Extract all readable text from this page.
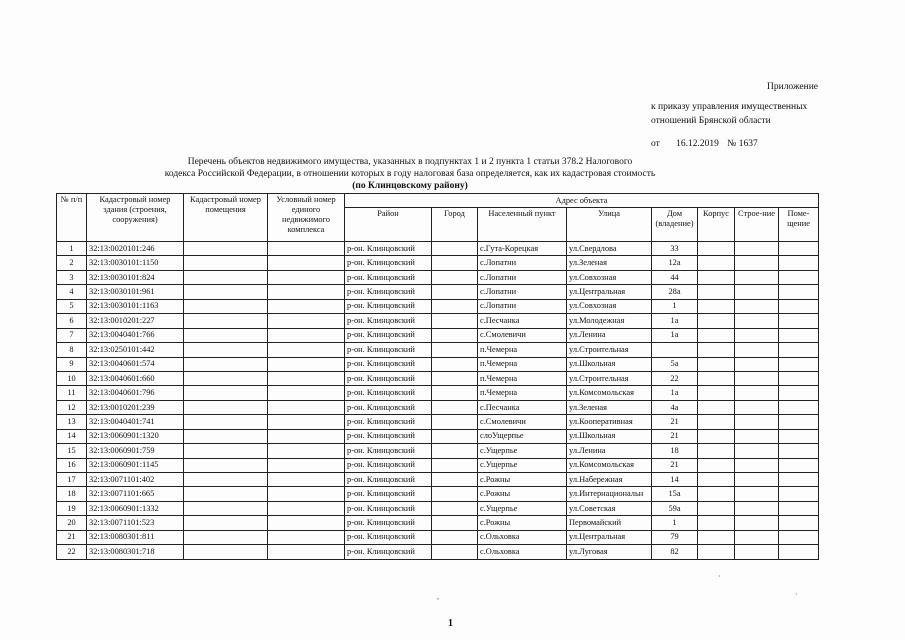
Приложение
к приказу управления имущественных
отношений Брянской области
от 16.12.2019 № 1637
Перечень объектов недвижимого имущества, указанных в подпунктах 1 и 2 пункта 1 статьи 378.2 Налогового
кодекса Российской Федерации, в отношении которых в году налоговая база определяется, как их кадастровая стоимость
(по Клинцовскому району)
№ п/п	Кадастровый номер здания (строения, сооружения)	Кадастровый номер помещения	Условный номер единого недвижимого комплекса	Адрес объекта							
				Район	Город	Населенный пункт	Улица	Дом (владение)	Корпус	Строе-ние	Поме-щение
1	32:13:0020101:246			р-он. Клинцовский		с.Гута-Корецкая	ул.Свердлова	33			
2	32:13:0030101:1150			р-он. Клинцовский		с.Лопатни	ул.Зеленая	12а			
3	32:13:0030101:824			р-он. Клинцовский		с.Лопатни	ул.Совхозная	44			
4	32:13:0030101:961			р-он. Клинцовский		с.Лопатни	ул.Центральная	28а			
5	32:13:0030101:1163			р-он. Клинцовский		с.Лопатни	ул.Совхозная	1			
6	32:13:0010201:227			р-он. Клинцовский		с.Песчанка	ул.Молодежная	1а			
7	32:13:0040401:766			р-он. Клинцовский		с.Смолевичи	ул.Ленина	1а			
8	32:13:0250101:442			р-он. Клинцовский		п.Чемерна	ул.Строительная				
9	32:13:0040601:574			р-он. Клинцовский		п.Чемерна	ул.Школьная	5а			
10	32:13:0040601:660			р-он. Клинцовский		п.Чемерна	ул.Строительная	22			
11	32:13:0040601:796			р-он. Клинцовский		п.Чемерна	ул.Комсомольская	1а			
12	32:13:0010201:239			р-он. Клинцовский		с.Песчанка	ул.Зеленая	4а			
13	32:13:0040401:741			р-он. Клинцовский		с.Смолевичи	ул.Кооперативная	21			
14	32:13:0060901:1320			р-он. Клинцовский		слоУщерпье	ул.Школьная	21			
15	32:13:0060901:759			р-он. Клинцовский		с.Ущерпье	ул.Ленина	18			
16	32:13:0060901:1145			р-он. Клинцовский		с.Ущерпье	ул.Комсомольская	21			
17	32:13:0071101:402			р-он. Клинцовский		с.Рожны	ул.Набережная	14			
18	32:13:0071101:665			р-он. Клинцовский		с.Рожны	ул.Интернациональн	15а			
19	32:13:0060901:1332			р-он. Клинцовский		с.Ущерпье	ул.Советская	59а			
20	32:13:0071101:523			р-он. Клинцовский		с.Рожны	Первомайский	1			
21	32:13:0080301:811			р-он. Клинцовский		с.Ольховка	ул.Центральная	79			
22	32:13:0080301:718			р-он. Клинцовский		с.Ольховка	ул.Луговая	82			
1
,	·
·
